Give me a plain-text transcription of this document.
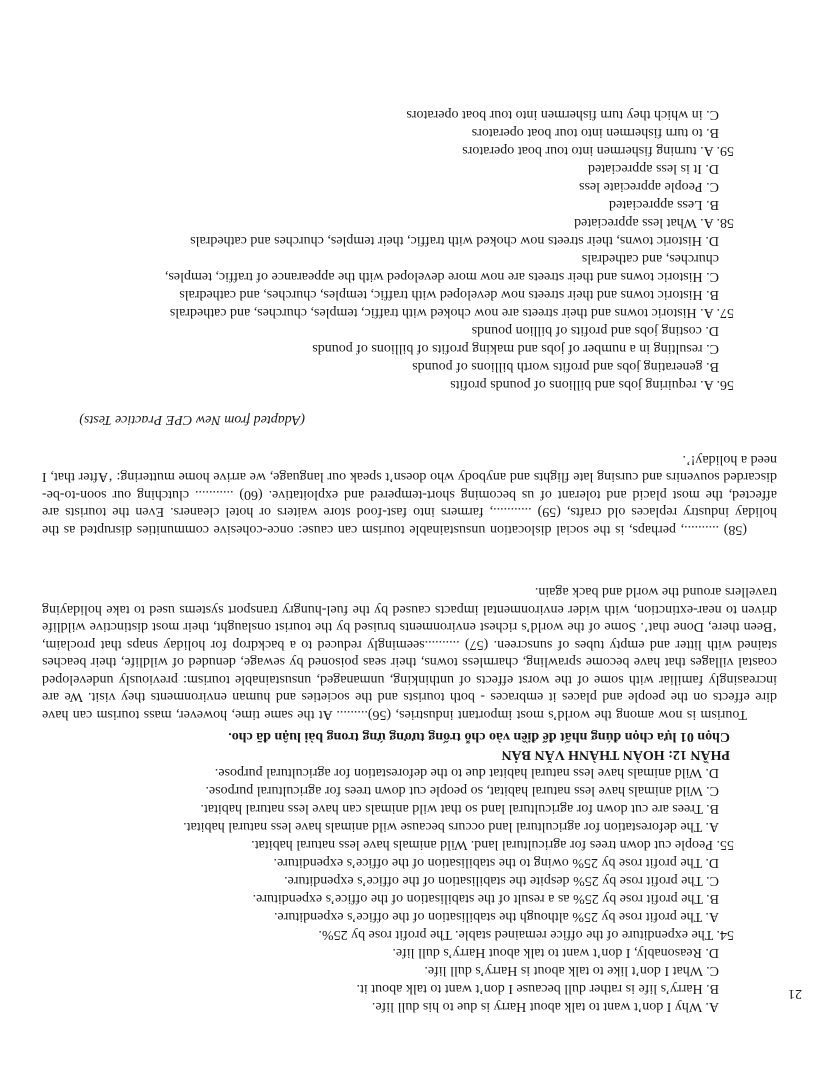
A. Why I don’t want to talk about Harry is due to his dull life.
B. Harry’s life is rather dull because I don’t want to talk about it.
C. What I don’t like to talk about is Harry’s dull life.
D. Reasonably, I don’t want to talk about Harry’s dull life.
54. The expenditure of the office remained stable. The profit rose by 25%.
A. The profit rose by 25% although the stabilisation of the office’s expenditure.
B. The profit rose by 25% as a result of the stabilisation of the office’s expenditure.
C. The profit rose by 25% despite the stabilisation of the office’s expenditure.
D. The profit rose by 25% owing to the stabilisation of the office’s expenditure.
55. People cut down trees for agricultural land. Wild animals have less natural habitat.
A. The deforestation for agricultural land occurs because wild animals have less natural habitat.
B. Trees are cut down for agricultural land so that wild animals can have less natural habitat.
C. Wild animals have less natural habitat, so people cut down trees for agricultural purpose.
D. Wild animals have less natural habitat due to the deforestation for agricultural purpose.
PHẦN 12: HOÀN THÀNH VĂN BẢN
Chọn 01 lựa chọn đúng nhất để điền vào chỗ trống tương ứng trong bài luận đã cho.
Tourism is now among the world’s most important industries, (56)......... At the same time, however, mass tourism can have dire effects on the people and places it embraces - both tourists and the societies and human environments they visit. We are increasingly familiar with some of the worst effects of unthinking, unmanaged, unsustainable tourism: previously undeveloped coastal villages that have become sprawling, charmless towns, their seas poisoned by sewage, denuded of wildlife, their beaches stained with litter and empty tubes of sunscreen. (57) ..........seemingly reduced to a backdrop for holiday snaps that proclaim, ‘Been there, Done that’. Some of the world’s richest environments bruised by the tourist onslaught, their most distinctive wildlife driven to near-extinction, with wider environmental impacts caused by the fuel-hungry transport systems used to take holidaying travellers around the world and back again.
(58) .........., perhaps, is the social dislocation unsustainable tourism can cause: once-cohesive communities disrupted as the holiday industry replaces old crafts, (59) ..........., farmers into fast-food store waiters or hotel cleaners. Even the tourists are affected, the most placid and tolerant of us becoming short-tempered and exploitative. (60) ........... clutching our soon-to-be-discarded souvenirs and cursing late flights and anybody who doesn’t speak our language, we arrive home muttering: ‘After that, I need a holiday!’.
(Adapted from New CPE Practice Tests)
56. A. requiring jobs and billions of pounds profits
B. generating jobs and profits worth billions of pounds
C. resulting in a number of jobs and making profits of billions of pounds
D. costing jobs and profits of billion pounds
57. A. Historic towns and their streets are now choked with traffic, temples, churches, and cathedrals
B. Historic towns and their streets now developed with traffic, temples, churches, and cathedrals
C. Historic towns and their streets are now more developed with the appearance of traffic, temples,
churches, and cathedrals
D. Historic towns, their streets now choked with traffic, their temples, churches and cathedrals
58. A. What less appreciated
B. Less appreciated
C. People appreciate less
D. It is less appreciated
59. A. turning fishermen into tour boat operators
B. to turn fishermen into tour boat operators
C. in which they turn fishermen into tour boat operators
21
